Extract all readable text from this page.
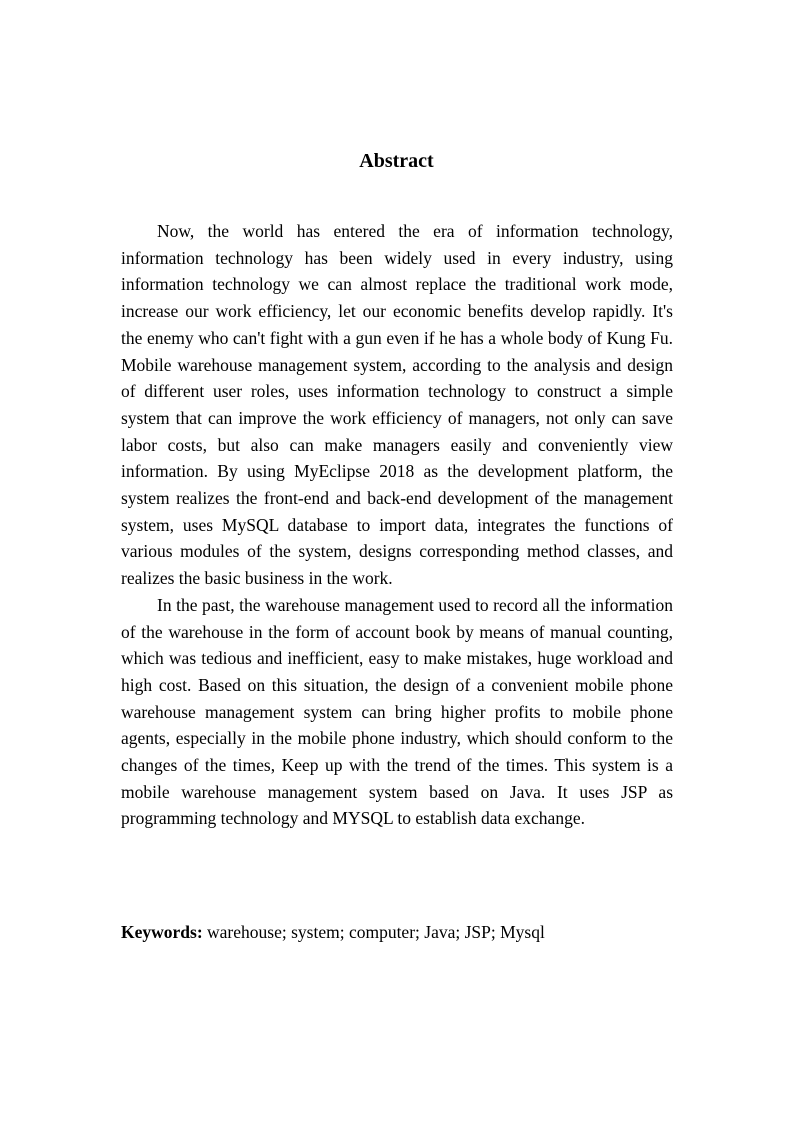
Abstract

Now, the world has entered the era of information technology, information technology has been widely used in every industry, using information technology we can almost replace the traditional work mode, increase our work efficiency, let our economic benefits develop rapidly. It's the enemy who can't fight with a gun even if he has a whole body of Kung Fu. Mobile warehouse management system, according to the analysis and design of different user roles, uses information technology to construct a simple system that can improve the work efficiency of managers, not only can save labor costs, but also can make managers easily and conveniently view information. By using MyEclipse 2018 as the development platform, the system realizes the front-end and back-end development of the management system, uses MySQL database to import data, integrates the functions of various modules of the system, designs corresponding method classes, and realizes the basic business in the work.

In the past, the warehouse management used to record all the information of the warehouse in the form of account book by means of manual counting, which was tedious and inefficient, easy to make mistakes, huge workload and high cost. Based on this situation, the design of a convenient mobile phone warehouse management system can bring higher profits to mobile phone agents, especially in the mobile phone industry, which should conform to the changes of the times, Keep up with the trend of the times. This system is a mobile warehouse management system based on Java. It uses JSP as programming technology and MYSQL to establish data exchange.

Keywords: warehouse; system; computer; Java; JSP; Mysql
